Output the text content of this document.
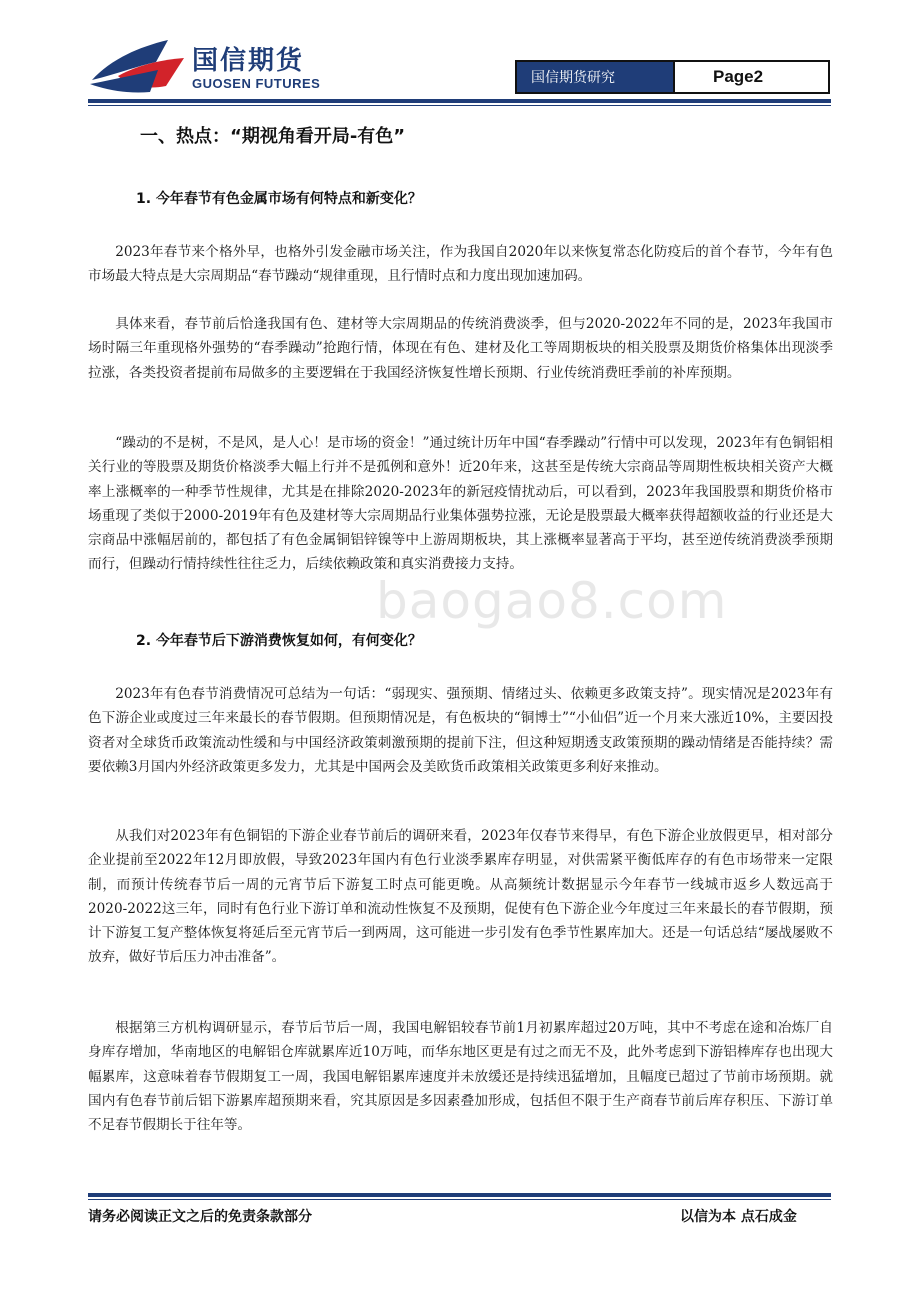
国信期货
GUOSEN FUTURES	国信期货研究	Page2
一、热点：“期视角看开局-有色”
1. 今年春节有色金属市场有何特点和新变化？

2023年春节来个格外早，也格外引发金融市场关注，作为我国自2020年以来恢复常态化防疫后的首个春节，今年有色市场最大特点是大宗周期品“春节躁动“规律重现，且行情时点和力度出现加速加码。

具体来看，春节前后恰逢我国有色、建材等大宗周期品的传统消费淡季，但与2020-2022年不同的是，2023年我国市场时隔三年重现格外强势的“春季躁动”抢跑行情，体现在有色、建材及化工等周期板块的相关股票及期货价格集体出现淡季拉涨，各类投资者提前布局做多的主要逻辑在于我国经济恢复性增长预期、行业传统消费旺季前的补库预期。

“躁动的不是树，不是风，是人心！是市场的资金！”通过统计历年中国“春季躁动”行情中可以发现，2023年有色铜铝相关行业的等股票及期货价格淡季大幅上行并不是孤例和意外！近20年来，这甚至是传统大宗商品等周期性板块相关资产大概率上涨概率的一种季节性规律，尤其是在排除2020-2023年的新冠疫情扰动后，可以看到，2023年我国股票和期货价格市场重现了类似于2000-2019年有色及建材等大宗周期品行业集体强势拉涨，无论是股票最大概率获得超额收益的行业还是大宗商品中涨幅居前的，都包括了有色金属铜铝锌镍等中上游周期板块，其上涨概率显著高于平均，甚至逆传统消费淡季预期而行，但躁动行情持续性往往乏力，后续依赖政策和真实消费接力支持。

2. 今年春节后下游消费恢复如何，有何变化？

2023年有色春节消费情况可总结为一句话：“弱现实、强预期、情绪过头、依赖更多政策支持”。现实情况是2023年有色下游企业或度过三年来最长的春节假期。但预期情况是，有色板块的“铜博士”“小仙侣”近一个月来大涨近10%，主要因投资者对全球货币政策流动性缓和与中国经济政策刺激预期的提前下注，但这种短期透支政策预期的躁动情绪是否能持续？需要依赖3月国内外经济政策更多发力，尤其是中国两会及美欧货币政策相关政策更多利好来推动。

从我们对2023年有色铜铝的下游企业春节前后的调研来看，2023年仅春节来得早，有色下游企业放假更早，相对部分企业提前至2022年12月即放假，导致2023年国内有色行业淡季累库存明显，对供需紧平衡低库存的有色市场带来一定限制，而预计传统春节后一周的元宵节后下游复工时点可能更晚。从高频统计数据显示今年春节一线城市返乡人数远高于2020-2022这三年，同时有色行业下游订单和流动性恢复不及预期，促使有色下游企业今年度过三年来最长的春节假期，预计下游复工复产整体恢复将延后至元宵节后一到两周，这可能进一步引发有色季节性累库加大。还是一句话总结“屡战屡败不放弃，做好节后压力冲击准备”。

根据第三方机构调研显示，春节后节后一周，我国电解铝较春节前1月初累库超过20万吨，其中不考虑在途和冶炼厂自身库存增加，华南地区的电解铝仓库就累库近10万吨，而华东地区更是有过之而无不及，此外考虑到下游铝棒库存也出现大幅累库，这意味着春节假期复工一周，我国电解铝累库速度并未放缓还是持续迅猛增加，且幅度已超过了节前市场预期。就国内有色春节前后铝下游累库超预期来看，究其原因是多因素叠加形成，包括但不限于生产商春节前后库存积压、下游订单不足春节假期长于往年等。

baogao8.com
请务必阅读正文之后的免责条款部分	以信为本 点石成金
